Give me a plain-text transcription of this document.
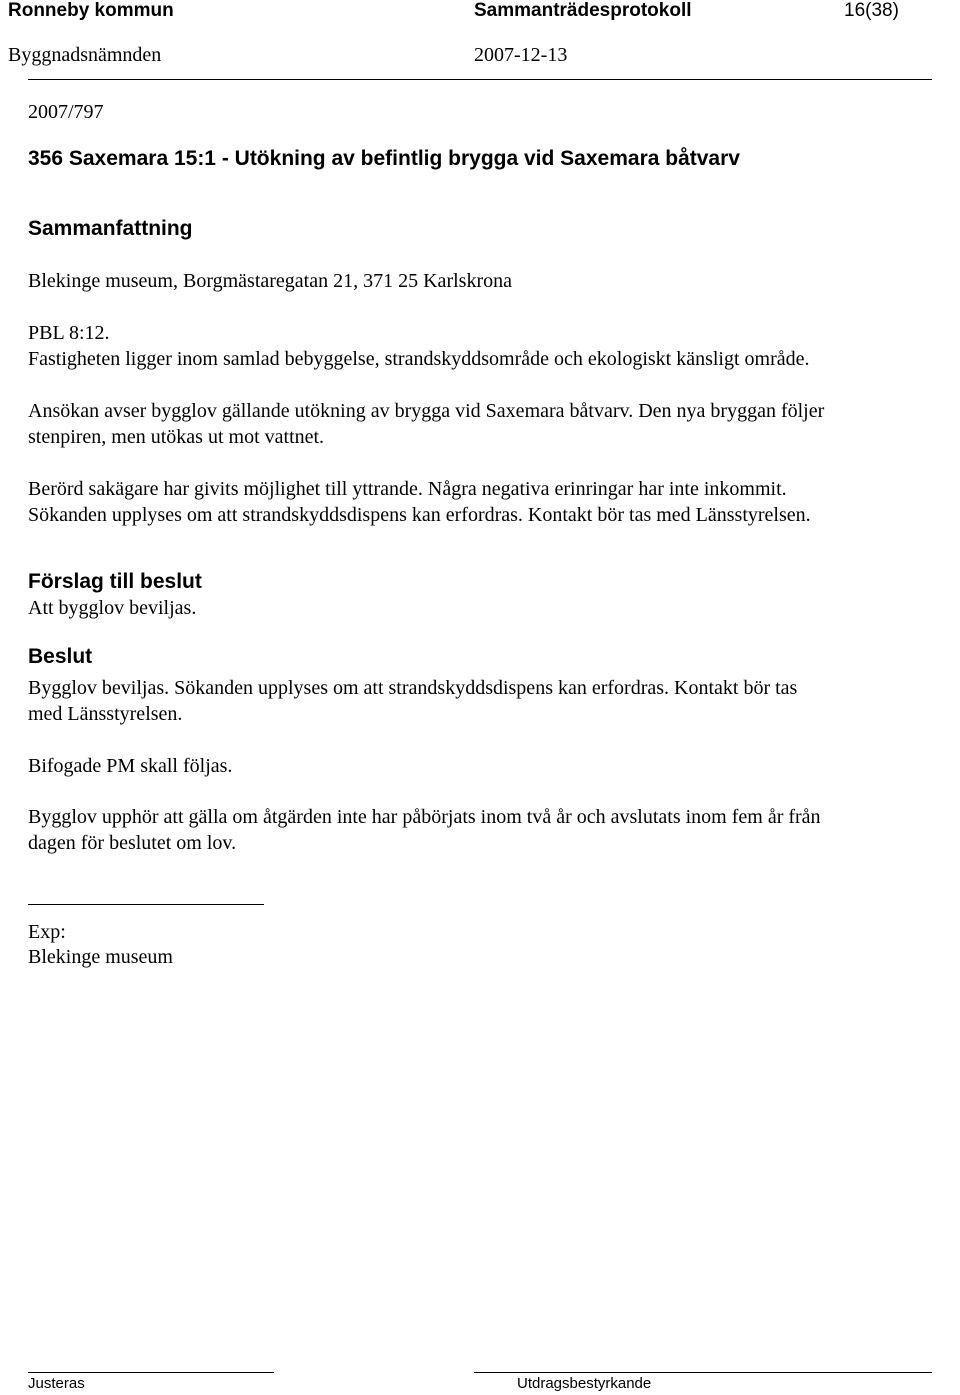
Ronneby kommun	Sammanträdesprotokoll	16(38)
Byggnadsnämnden	2007-12-13
2007/797
356 Saxemara 15:1 - Utökning av befintlig brygga vid Saxemara båtvarv
Sammanfattning
Blekinge museum, Borgmästaregatan 21, 371 25 Karlskrona
PBL 8:12.
Fastigheten ligger inom samlad bebyggelse, strandskyddsområde och ekologiskt känsligt område.
Ansökan avser bygglov gällande utökning av brygga vid Saxemara båtvarv. Den nya bryggan följer
stenpiren, men utökas ut mot vattnet.
Berörd sakägare har givits möjlighet till yttrande. Några negativa erinringar har inte inkommit.
Sökanden upplyses om att strandskyddsdispens kan erfordras. Kontakt bör tas med Länsstyrelsen.
Förslag till beslut
Att bygglov beviljas.
Beslut
Bygglov beviljas. Sökanden upplyses om att strandskyddsdispens kan erfordras. Kontakt bör tas
med Länsstyrelsen.
Bifogade PM skall följas.
Bygglov upphör att gälla om åtgärden inte har påbörjats inom två år och avslutats inom fem år från
dagen för beslutet om lov.
Exp:
Blekinge museum
Justeras	Utdragsbestyrkande
